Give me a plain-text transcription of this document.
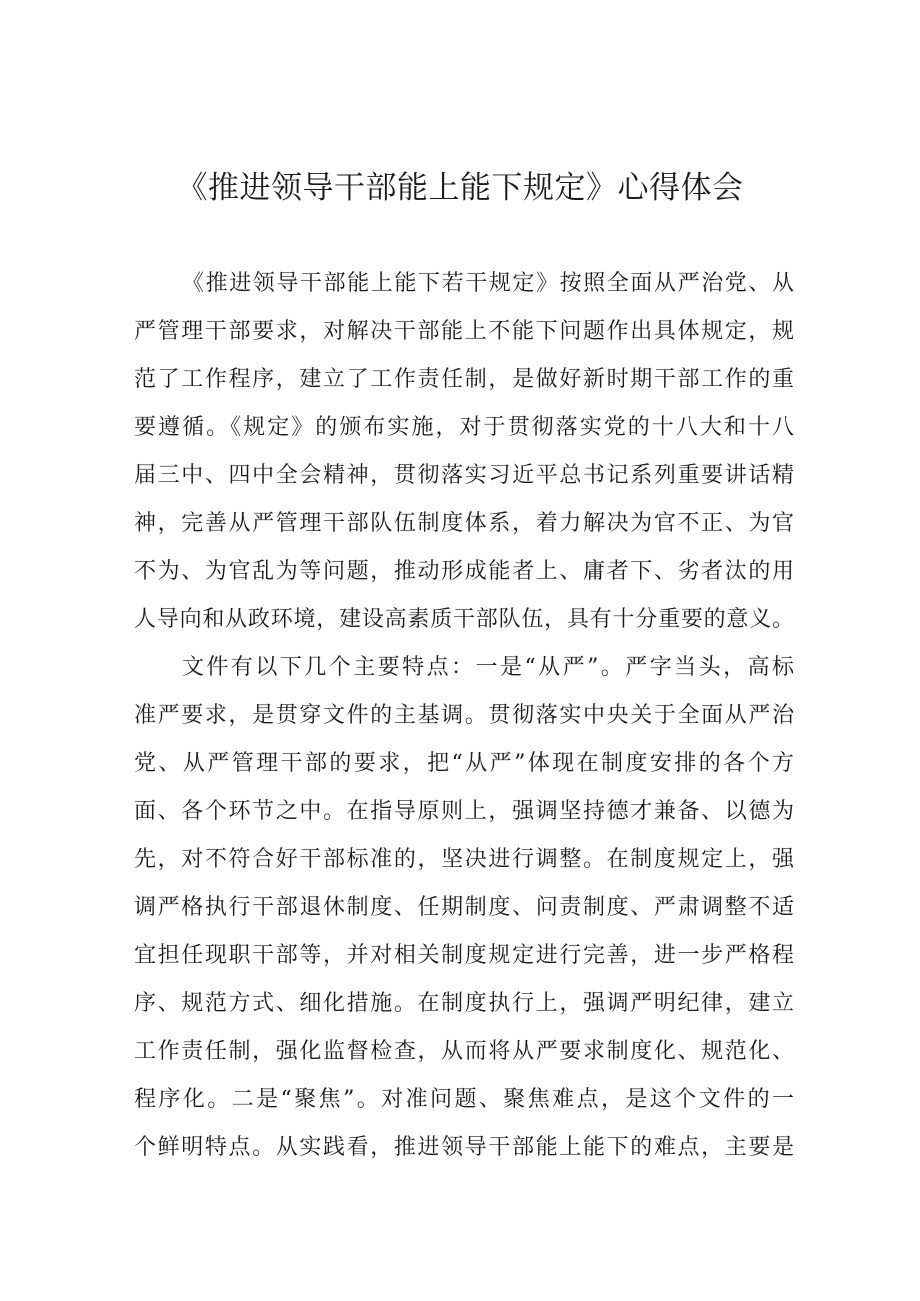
《推进领导干部能上能下规定》心得体会
《推进领导干部能上能下若干规定》按照全面从严治党、从
严管理干部要求，对解决干部能上不能下问题作出具体规定，规
范了工作程序，建立了工作责任制，是做好新时期干部工作的重
要遵循。《规定》的颁布实施，对于贯彻落实党的十八大和十八
届三中、四中全会精神，贯彻落实习近平总书记系列重要讲话精
神，完善从严管理干部队伍制度体系，着力解决为官不正、为官
不为、为官乱为等问题，推动形成能者上、庸者下、劣者汰的用
人导向和从政环境，建设高素质干部队伍，具有十分重要的意义。
文件有以下几个主要特点：一是“从严”。严字当头，高标
准严要求，是贯穿文件的主基调。贯彻落实中央关于全面从严治
党、从严管理干部的要求，把“从严”体现在制度安排的各个方
面、各个环节之中。在指导原则上，强调坚持德才兼备、以德为
先，对不符合好干部标准的，坚决进行调整。在制度规定上，强
调严格执行干部退休制度、任期制度、问责制度、严肃调整不适
宜担任现职干部等，并对相关制度规定进行完善，进一步严格程
序、规范方式、细化措施。在制度执行上，强调严明纪律，建立
工作责任制，强化监督检查，从而将从严要求制度化、规范化、
程序化。二是“聚焦”。对准问题、聚焦难点，是这个文件的一
个鲜明特点。从实践看，推进领导干部能上能下的难点，主要是
